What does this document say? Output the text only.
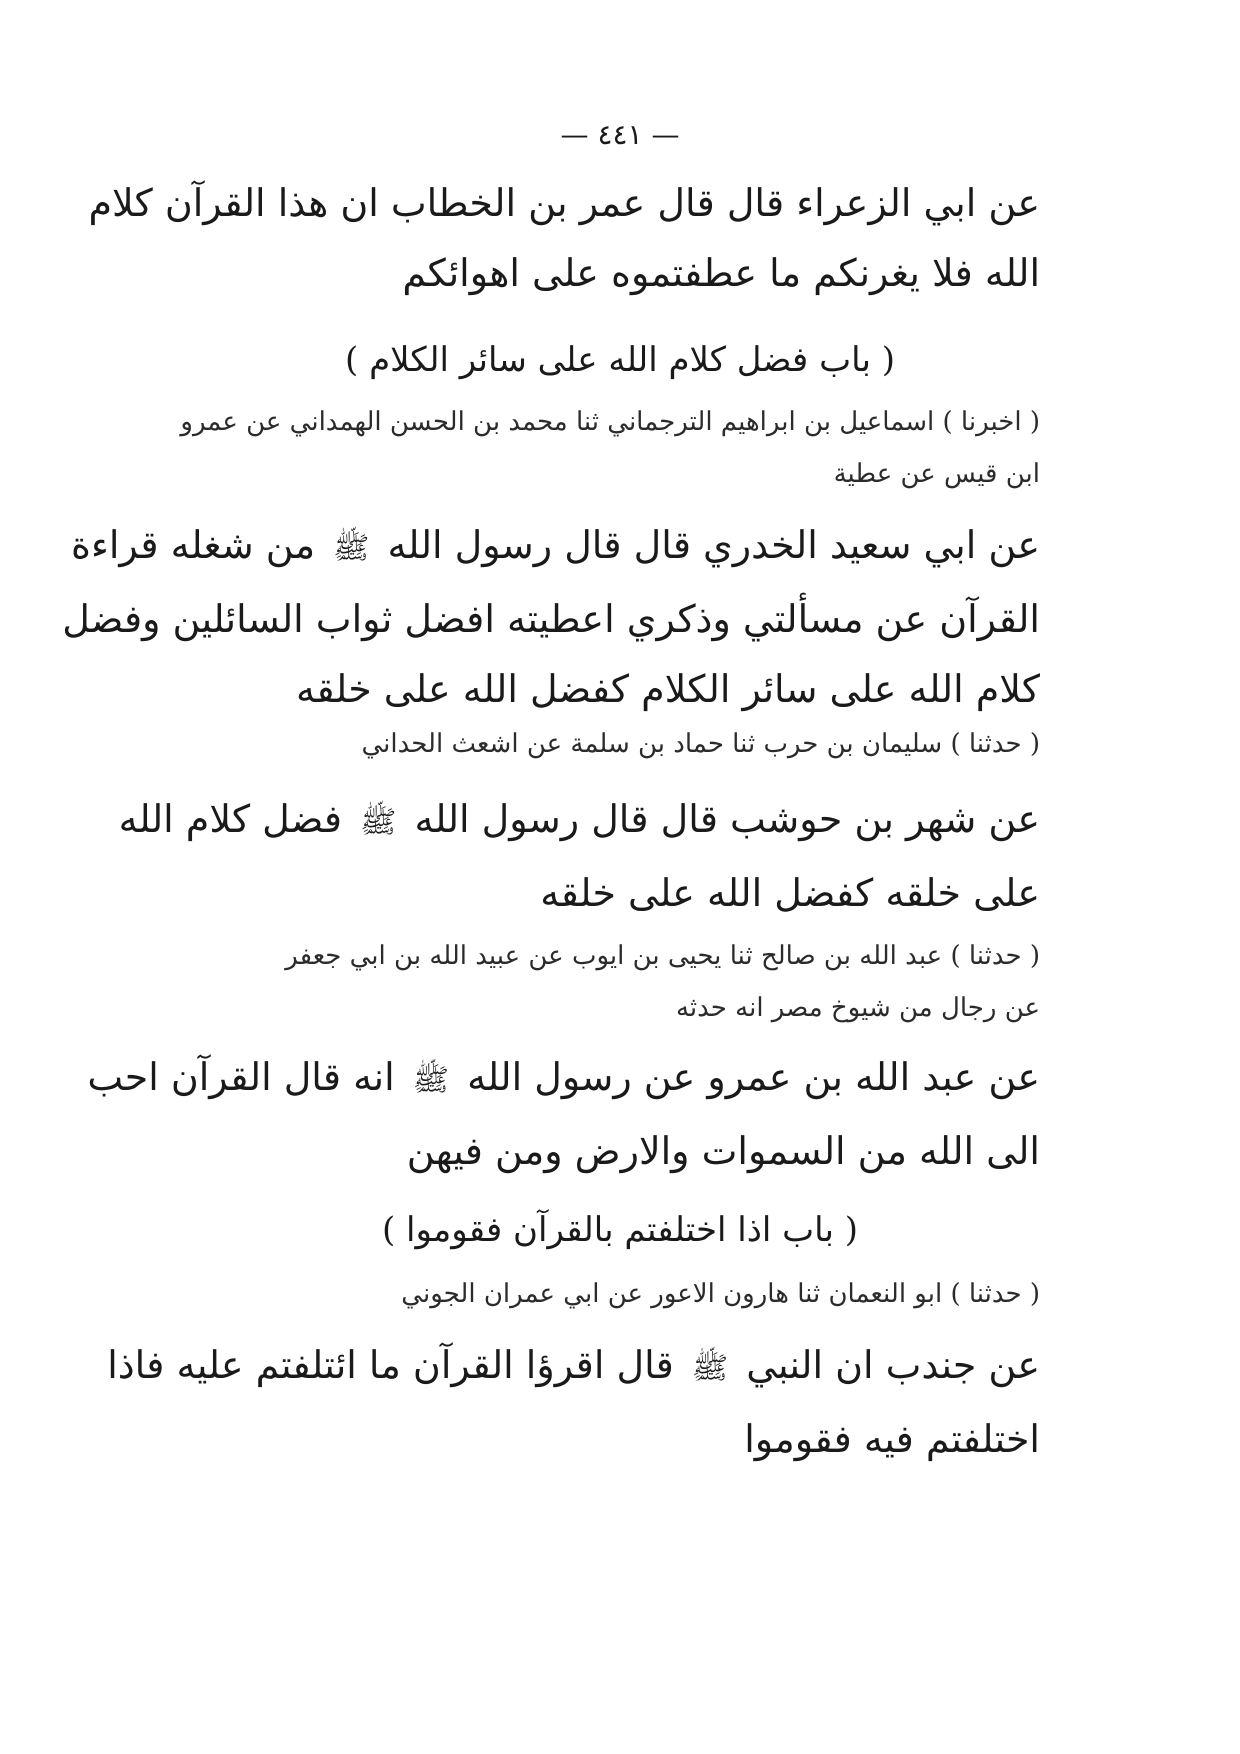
— ٤٤١ —
عن ابي الزعراء قال قال عمر بن الخطاب ان هذا القرآن كلام
الله فلا يغرنكم ما عطفتموه على اهوائكم
( باب فضل كلام الله على سائر الكلام )
( اخبرنا ) اسماعيل بن ابراهيم الترجماني ثنا محمد بن الحسن الهمداني عن عمرو
ابن قيس عن عطية
عن ابي سعيد الخدري قال قال رسول الله ﷺ من شغله قراءة
القرآن عن مسألتي وذكري اعطيته افضل ثواب السائلين وفضل
كلام الله على سائر الكلام كفضل الله على خلقه
( حدثنا ) سليمان بن حرب ثنا حماد بن سلمة عن اشعث الحداني
عن شهر بن حوشب قال قال رسول الله ﷺ فضل كلام الله
على خلقه كفضل الله على خلقه
( حدثنا ) عبد الله بن صالح ثنا يحيى بن ايوب عن عبيد الله بن ابي جعفر
عن رجال من شيوخ مصر انه حدثه
عن عبد الله بن عمرو عن رسول الله ﷺ انه قال القرآن احب
الى الله من السموات والارض ومن فيهن
( باب اذا اختلفتم بالقرآن فقوموا )
( حدثنا ) ابو النعمان ثنا هارون الاعور عن ابي عمران الجوني
عن جندب ان النبي ﷺ قال اقرؤا القرآن ما ائتلفتم عليه فاذا
اختلفتم فيه فقوموا
